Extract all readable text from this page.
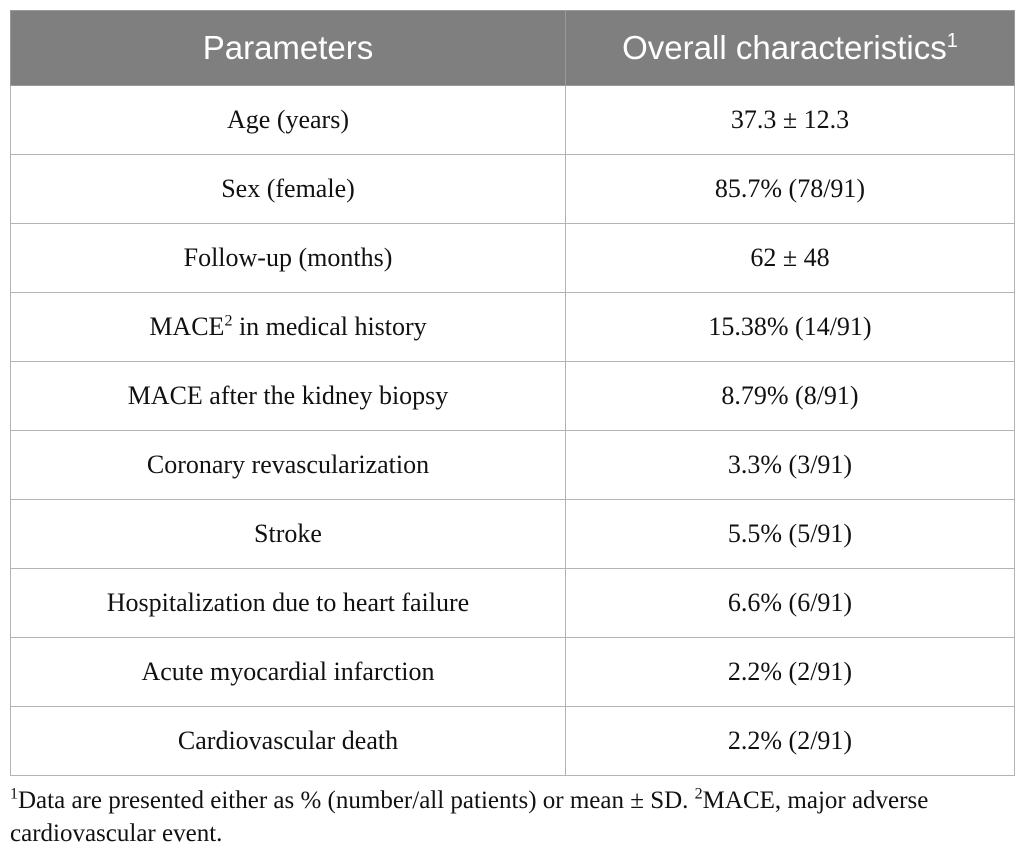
Parameters	Overall characteristics$^1$
Age (years)	37.3 ± 12.3
Sex (female)	85.7% (78/91)
Follow-up (months)	62 ± 48
MACE$^2$ in medical history	15.38% (14/91)
MACE after the kidney biopsy	8.79% (8/91)
Coronary revascularization	3.3% (3/91)
Stroke	5.5% (5/91)
Hospitalization due to heart failure	6.6% (6/91)
Acute myocardial infarction	2.2% (2/91)
Cardiovascular death	2.2% (2/91)
$^1$Data are presented either as % (number/all patients) or mean ± SD. $^2$MACE, major adverse cardiovascular event.
